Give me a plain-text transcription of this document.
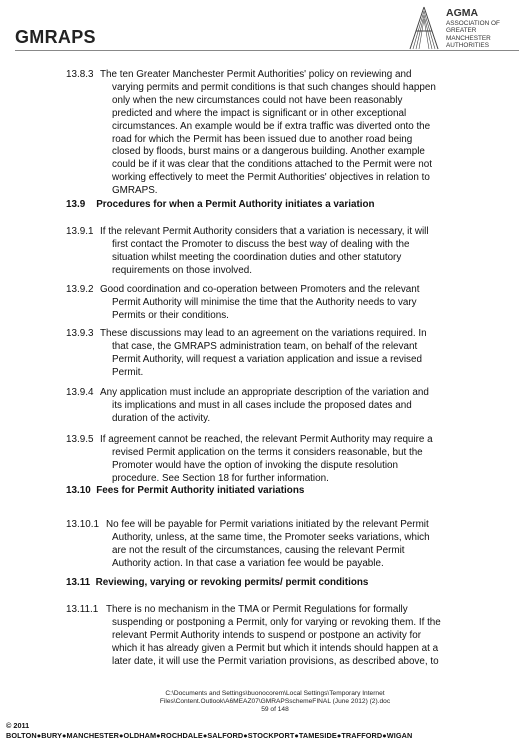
GMRAPS
AGMA
ASSOCIATION OF GREATER MANCHESTER AUTHORITIES
13.8.3 The ten Greater Manchester Permit Authorities' policy on reviewing and
varying permits and permit conditions is that such changes should happen
only when the new circumstances could not have been reasonably
predicted and where the impact is significant or in other exceptional
circumstances. An example would be if extra traffic was diverted onto the
road for which the Permit has been issued due to another road being
closed by floods, burst mains or a dangerous building. Another example
could be if it was clear that the conditions attached to the Permit were not
working effectively to meet the Permit Authorities' objectives in relation to
GMRAPS.
13.9    Procedures for when a Permit Authority initiates a variation
13.9.1 If the relevant Permit Authority considers that a variation is necessary, it will
first contact the Promoter to discuss the best way of dealing with the
situation whilst meeting the coordination duties and other statutory
requirements on those involved.
13.9.2 Good coordination and co-operation between Promoters and the relevant
Permit Authority will minimise the time that the Authority needs to vary
Permits or their conditions.
13.9.3 These discussions may lead to an agreement on the variations required. In
that case, the GMRAPS administration team, on behalf of the relevant
Permit Authority, will request a variation application and issue a revised
Permit.
13.9.4 Any application must include an appropriate description of the variation and
its implications and must in all cases include the proposed dates and
duration of the activity.
13.9.5 If agreement cannot be reached, the relevant Permit Authority may require a
revised Permit application on the terms it considers reasonable, but the
Promoter would have the option of invoking the dispute resolution
procedure. See Section 18 for further information.
13.10  Fees for Permit Authority initiated variations
13.10.1 No fee will be payable for Permit variations initiated by the relevant Permit
Authority, unless, at the same time, the Promoter seeks variations, which
are not the result of the circumstances, causing the relevant Permit
Authority action. In that case a variation fee would be payable.
13.11  Reviewing, varying or revoking permits/ permit conditions
13.11.1 There is no mechanism in the TMA or Permit Regulations for formally
suspending or postponing a Permit, only for varying or revoking them. If the
relevant Permit Authority intends to suspend or postpone an activity for
which it has already given a Permit but which it intends should happen at a
later date, it will use the Permit variation provisions, as described above, to
C:\Documents and Settings\buonocorem\Local Settings\Temporary Internet
Files\Content.Outlook\A6MEAZ07\GMRAPSschemeFINAL (June 2012) (2).doc
59 of 148
© 2011
BOLTON●BURY●MANCHESTER●OLDHAM●ROCHDALE●SALFORD●STOCKPORT●TAMESIDE●TRAFFORD●WIGAN
